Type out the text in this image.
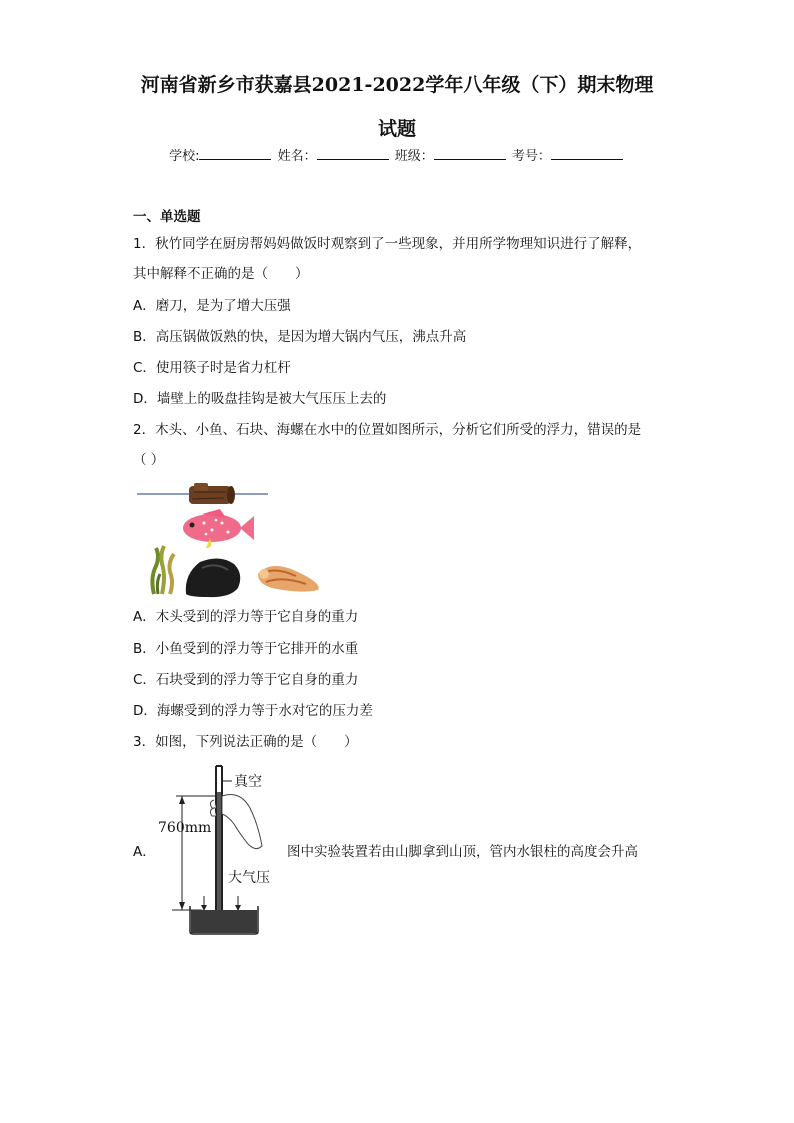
河南省新乡市获嘉县2021-2022学年八年级（下）期末物理
试题
学校:	姓名：	班级：	考号：
一、单选题
1．秋竹同学在厨房帮妈妈做饭时观察到了一些现象，并用所学物理知识进行了解释，
其中解释不正确的是（　　）
A．磨刀，是为了增大压强
B．高压锅做饭熟的快，是因为增大锅内气压，沸点升高
C．使用筷子时是省力杠杆
D．墙壁上的吸盘挂钩是被大气压压上去的
2．木头、小鱼、石块、海螺在水中的位置如图所示，分析它们所受的浮力，错误的是
（ ）
A．木头受到的浮力等于它自身的重力
B．小鱼受到的浮力等于它排开的水重
C．石块受到的浮力等于它自身的重力
D．海螺受到的浮力等于水对它的压力差
3．如图，下列说法正确的是（　　）
真空
760mm
大气压
A．	图中实验装置若由山脚拿到山顶，管内水银柱的高度会升高
